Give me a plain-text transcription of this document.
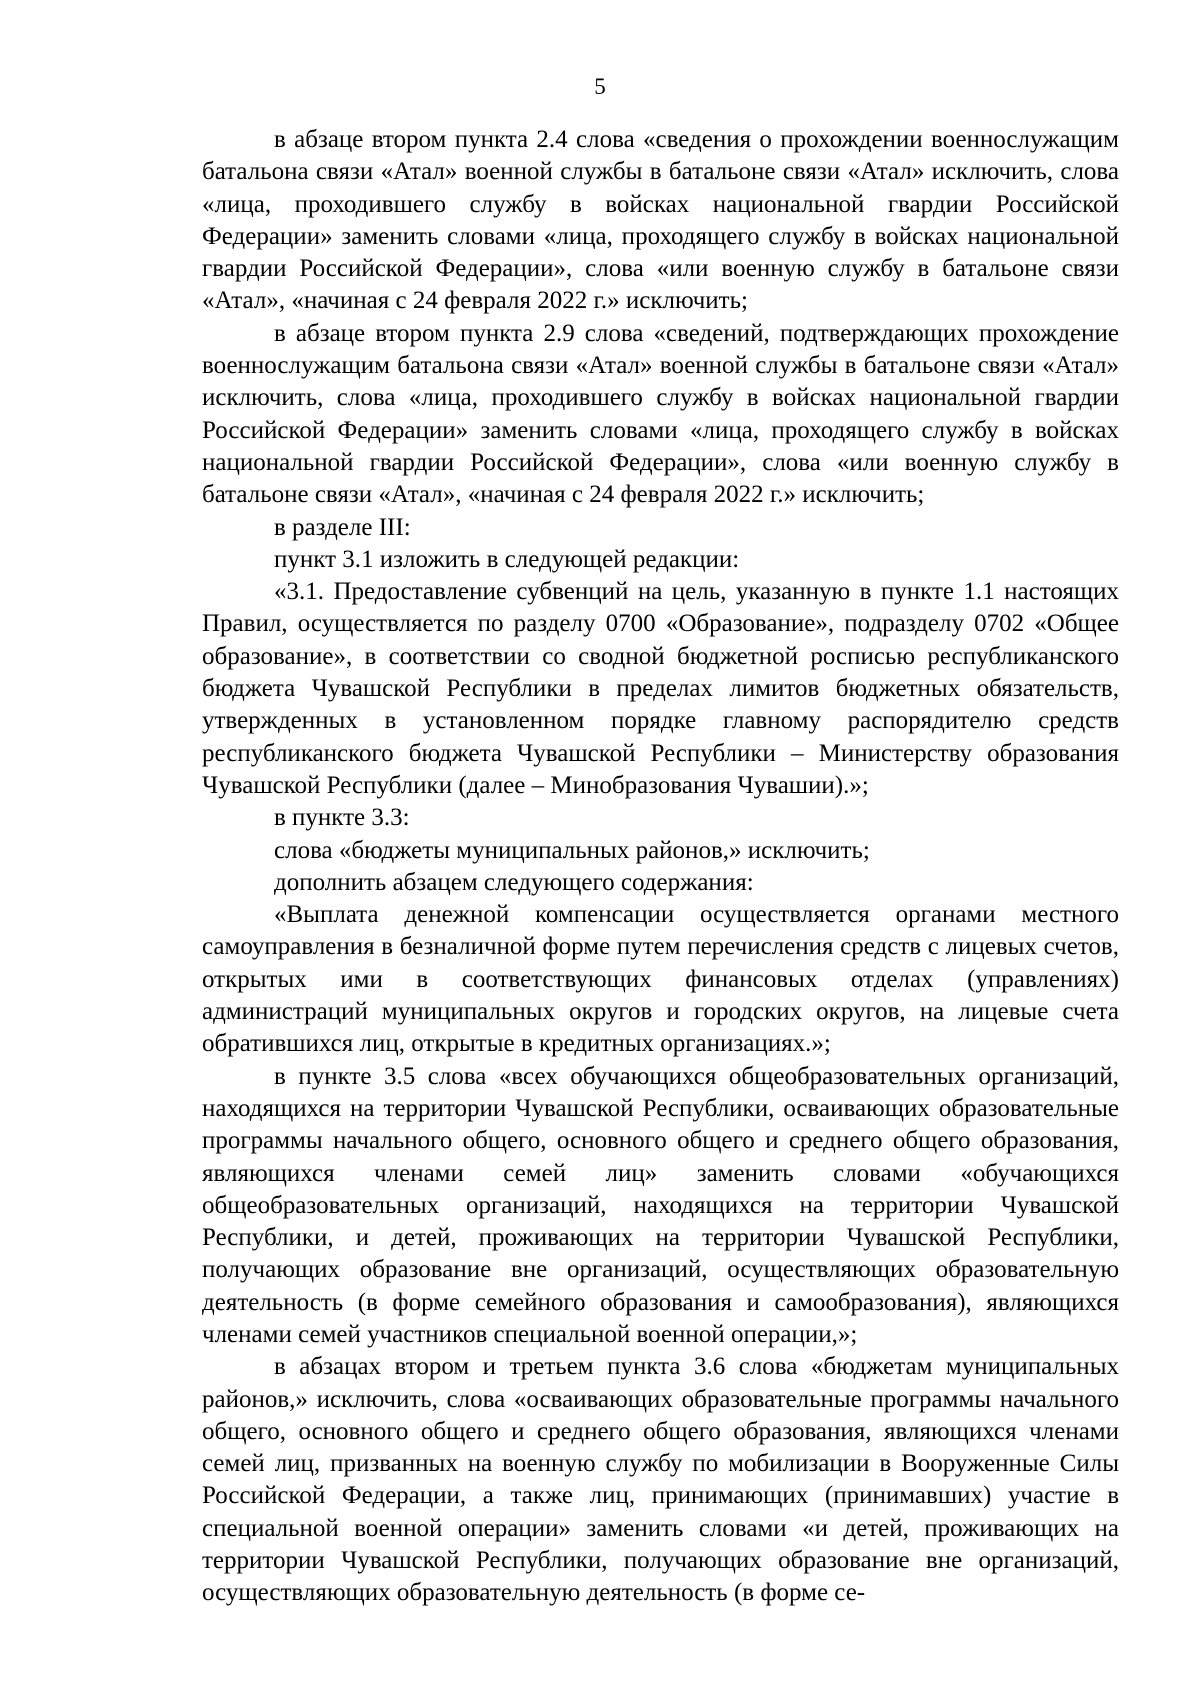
5

в абзаце втором пункта 2.4 слова «сведения о прохождении военнослужащим батальона связи «Атал» военной службы в батальоне связи «Атал» исключить, слова «лица, проходившего службу в войсках национальной гвардии Российской Федерации» заменить словами «лица, проходящего службу в войсках национальной гвардии Российской Федерации», слова «или военную службу в батальоне связи «Атал», «начиная с 24 февраля 2022 г.» исключить;

в абзаце втором пункта 2.9 слова «сведений, подтверждающих прохождение военнослужащим батальона связи «Атал» военной службы в батальоне связи «Атал» исключить, слова «лица, проходившего службу в войсках национальной гвардии Российской Федерации» заменить словами «лица, проходящего службу в войсках национальной гвардии Российской Федерации», слова «или военную службу в батальоне связи «Атал», «начиная с 24 февраля 2022 г.» исключить;

в разделе III:

пункт 3.1 изложить в следующей редакции:

«3.1. Предоставление субвенций на цель, указанную в пункте 1.1 настоящих Правил, осуществляется по разделу 0700 «Образование», подразделу 0702 «Общее образование», в соответствии со сводной бюджетной росписью республиканского бюджета Чувашской Республики в пределах лимитов бюджетных обязательств, утвержденных в установленном порядке главному распорядителю средств республиканского бюджета Чувашской Республики – Министерству образования Чувашской Республики (далее – Минобразования Чувашии).»;

в пункте 3.3:

слова «бюджеты муниципальных районов,» исключить;

дополнить абзацем следующего содержания:

«Выплата денежной компенсации осуществляется органами местного самоуправления в безналичной форме путем перечисления средств с лицевых счетов, открытых ими в соответствующих финансовых отделах (управлениях) администраций муниципальных округов и городских округов, на лицевые счета обратившихся лиц, открытые в кредитных организациях.»;

в пункте 3.5 слова «всех обучающихся общеобразовательных организаций, находящихся на территории Чувашской Республики, осваивающих образовательные программы начального общего, основного общего и среднего общего образования, являющихся членами семей лиц» заменить словами «обучающихся общеобразовательных организаций, находящихся на территории Чувашской Республики, и детей, проживающих на территории Чувашской Республики, получающих образование вне организаций, осуществляющих образовательную деятельность (в форме семейного образования и самообразования), являющихся членами семей участников специальной военной операции,»;

в абзацах втором и третьем пункта 3.6 слова «бюджетам муниципальных районов,» исключить, слова «осваивающих образовательные программы начального общего, основного общего и среднего общего образования, являющихся членами семей лиц, призванных на военную службу по мобилизации в Вооруженные Силы Российской Федерации, а также лиц, принимающих (принимавших) участие в специальной военной операции» заменить словами «и детей, проживающих на территории Чувашской Республики, получающих образование вне организаций, осуществляющих образовательную деятельность (в форме се-
